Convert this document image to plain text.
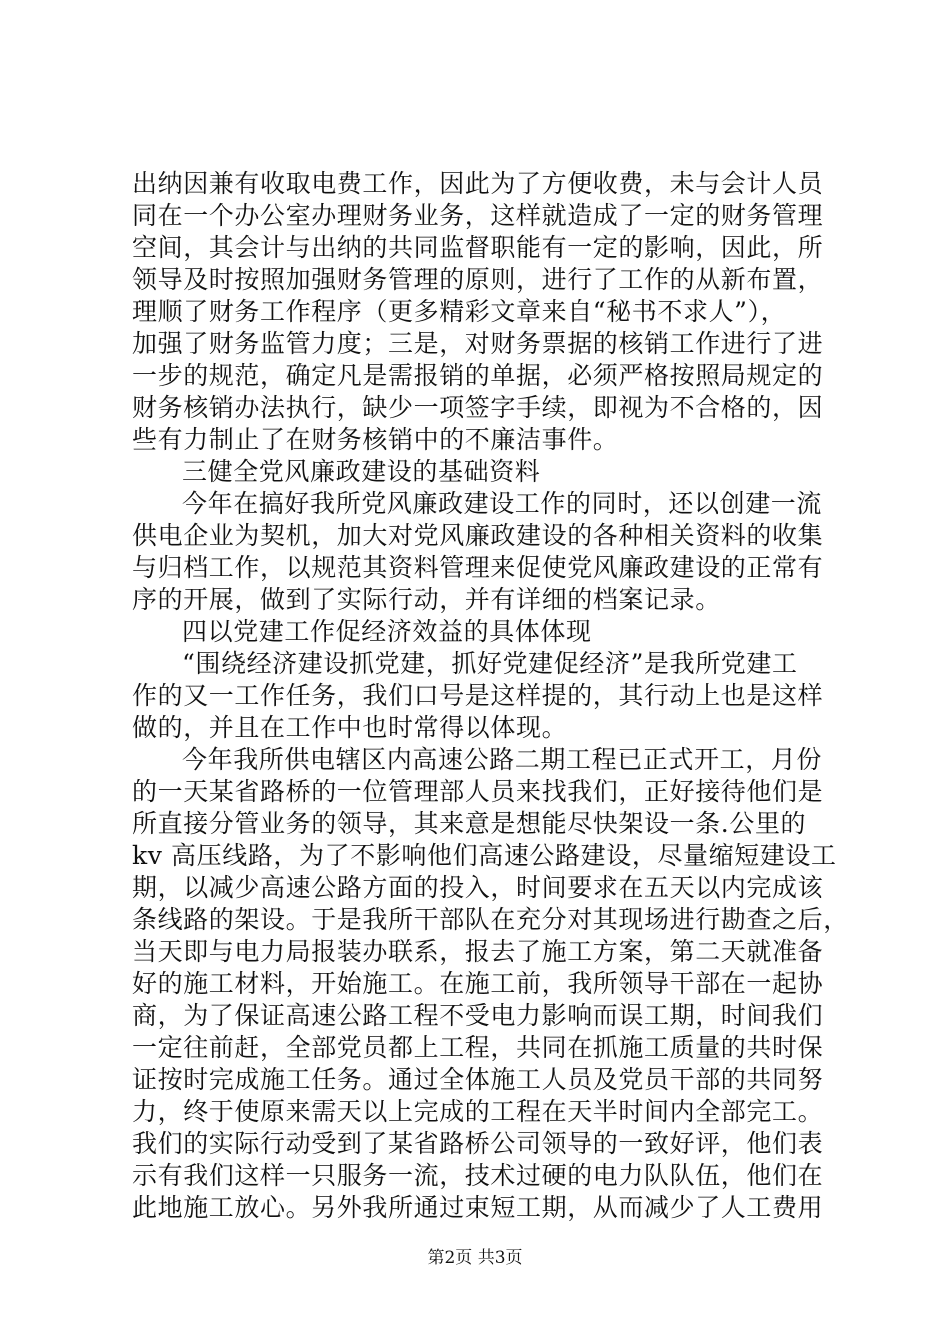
出纳因兼有收取电费工作，因此为了方便收费，未与会计人员
同在一个办公室办理财务业务，这样就造成了一定的财务管理
空间，其会计与出纳的共同监督职能有一定的影响，因此，所
领导及时按照加强财务管理的原则，进行了工作的从新布置，
理顺了财务工作程序（更多精彩文章来自“秘书不求人”），
加强了财务监管力度；三是，对财务票据的核销工作进行了进
一步的规范，确定凡是需报销的单据，必须严格按照局规定的
财务核销办法执行，缺少一项签字手续，即视为不合格的，因
些有力制止了在财务核销中的不廉洁事件。
三健全党风廉政建设的基础资料
今年在搞好我所党风廉政建设工作的同时，还以创建一流
供电企业为契机，加大对党风廉政建设的各种相关资料的收集
与归档工作，以规范其资料管理来促使党风廉政建设的正常有
序的开展，做到了实际行动，并有详细的档案记录。
四以党建工作促经济效益的具体体现
“围绕经济建设抓党建，抓好党建促经济”是我所党建工
作的又一工作任务，我们口号是这样提的，其行动上也是这样
做的，并且在工作中也时常得以体现。
今年我所供电辖区内高速公路二期工程已正式开工，月份
的一天某省路桥的一位管理部人员来找我们，正好接待他们是
所直接分管业务的领导，其来意是想能尽快架设一条.公里的
kv 高压线路，为了不影响他们高速公路建设，尽量缩短建设工
期，以减少高速公路方面的投入，时间要求在五天以内完成该
条线路的架设。于是我所干部队在充分对其现场进行勘查之后，
当天即与电力局报装办联系，报去了施工方案，第二天就准备
好的施工材料，开始施工。在施工前，我所领导干部在一起协
商，为了保证高速公路工程不受电力影响而误工期，时间我们
一定往前赶，全部党员都上工程，共同在抓施工质量的共时保
证按时完成施工任务。通过全体施工人员及党员干部的共同努
力，终于使原来需天以上完成的工程在天半时间内全部完工。
我们的实际行动受到了某省路桥公司领导的一致好评，他们表
示有我们这样一只服务一流，技术过硬的电力队队伍，他们在
此地施工放心。另外我所通过束短工期，从而减少了人工费用
第2页 共3页
